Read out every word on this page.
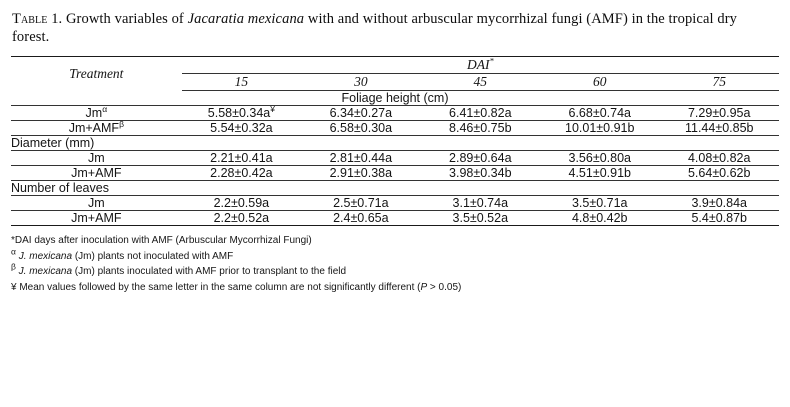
Table 1. Growth variables of Jacaratia mexicana with and without arbuscular mycorrhizal fungi (AMF) in the tropical dry forest.
Treatment	DAI*
	15	30	45	60	75
Foliage height (cm)					
$Jm^\alpha$	5.58±0.34a¥	6.34±0.27a	6.41±0.82a	6.68±0.74a	7.29±0.95a
$Jm+AMF^\beta$	5.54±0.32a	6.58±0.30a	8.46±0.75b	10.01±0.91b	11.44±0.85b
Diameter (mm)					
Jm	2.21±0.41a	2.81±0.44a	2.89±0.64a	3.56±0.80a	4.08±0.82a
Jm+AMF	2.28±0.42a	2.91±0.38a	3.98±0.34b	4.51±0.91b	5.64±0.62b
Number of leaves					
Jm	2.2±0.59a	2.5±0.71a	3.1±0.74a	3.5±0.71a	3.9±0.84a
Jm+AMF	2.2±0.52a	2.4±0.65a	3.5±0.52a	4.8±0.42b	5.4±0.87b
*DAI days after inoculation with AMF (Arbuscular Mycorrhizal Fungi)
$^\alpha$ J. mexicana (Jm) plants not inoculated with AMF
$^\beta$ J. mexicana (Jm) plants inoculated with AMF prior to transplant to the field
¥ Mean values followed by the same letter in the same column are not significantly different (P > 0.05)
